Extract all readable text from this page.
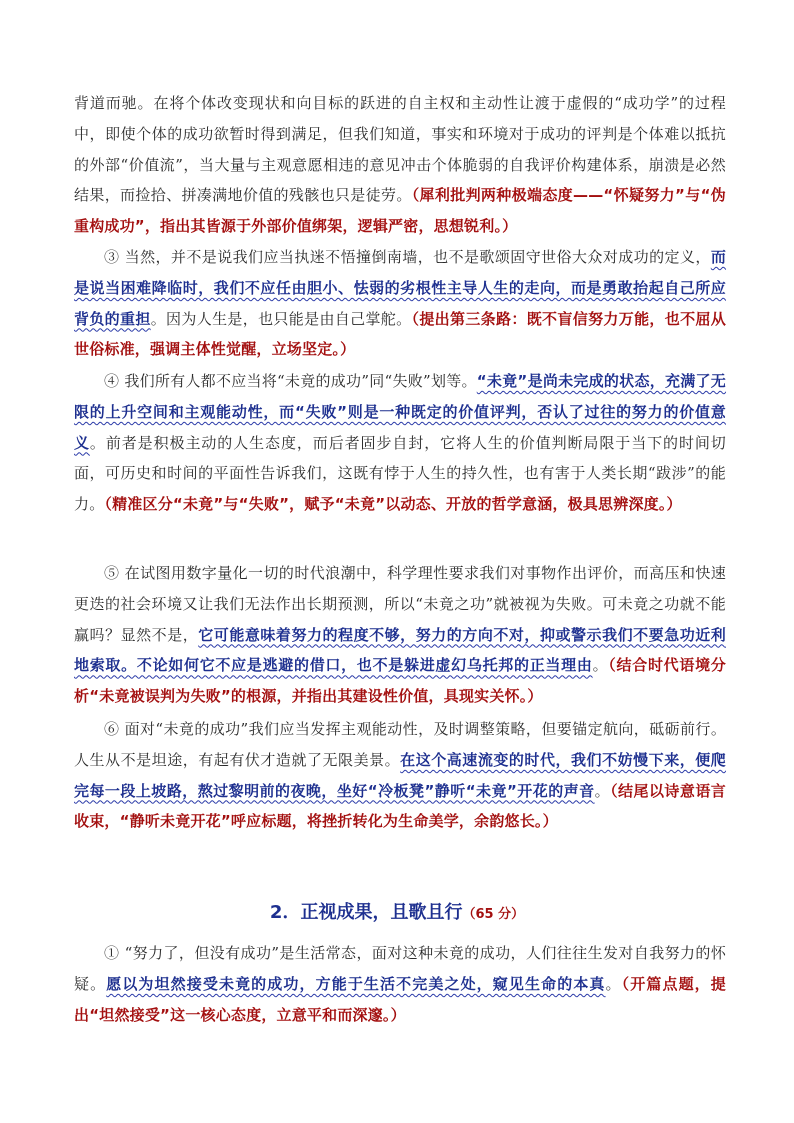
背道而驰。在将个体改变现状和向目标的跃进的自主权和主动性让渡于虚假的“成功学”的过程中，即使个体的成功欲暂时得到满足，但我们知道，事实和环境对于成功的评判是个体难以抵抗的外部“价值流”，当大量与主观意愿相违的意见冲击个体脆弱的自我评价构建体系，崩溃是必然结果，而捡拾、拼凑满地价值的残骸也只是徒劳。（犀利批判两种极端态度——“怀疑努力”与“伪重构成功”，指出其皆源于外部价值绑架，逻辑严密，思想锐利。）

③ 当然，并不是说我们应当执迷不悟撞倒南墙，也不是歌颂固守世俗大众对成功的定义，而是说当困难降临时，我们不应任由胆小、怯弱的劣根性主导人生的走向，而是勇敢抬起自己所应背负的重担。因为人生是，也只能是由自己掌舵。（提出第三条路：既不盲信努力万能，也不屈从世俗标准，强调主体性觉醒，立场坚定。）

④ 我们所有人都不应当将“未竟的成功”同“失败”划等。“未竟”是尚未完成的状态，充满了无限的上升空间和主观能动性，而“失败”则是一种既定的价值评判，否认了过往的努力的价值意义。前者是积极主动的人生态度，而后者固步自封，它将人生的价值判断局限于当下的时间切面，可历史和时间的平面性告诉我们，这既有悖于人生的持久性，也有害于人类长期“跋涉”的能力。（精准区分“未竟”与“失败”，赋予“未竟”以动态、开放的哲学意涵，极具思辨深度。）

⑤ 在试图用数字量化一切的时代浪潮中，科学理性要求我们对事物作出评价，而高压和快速更迭的社会环境又让我们无法作出长期预测，所以“未竟之功”就被视为失败。可未竟之功就不能赢吗？显然不是，它可能意味着努力的程度不够，努力的方向不对，抑或警示我们不要急功近利地索取。不论如何它不应是逃避的借口，也不是躲进虚幻乌托邦的正当理由。（结合时代语境分析“未竟被误判为失败”的根源，并指出其建设性价值，具现实关怀。）

⑥ 面对“未竟的成功”我们应当发挥主观能动性，及时调整策略，但要锚定航向，砥砺前行。人生从不是坦途，有起有伏才造就了无限美景。在这个高速流变的时代，我们不妨慢下来，便爬完每一段上坡路，熬过黎明前的夜晚，坐好“冷板凳”静听“未竟”开花的声音。（结尾以诗意语言收束，“静听未竟开花”呼应标题，将挫折转化为生命美学，余韵悠长。）

2．正视成果，且歌且行（65 分）

① “努力了，但没有成功”是生活常态，面对这种未竟的成功，人们往往生发对自我努力的怀疑。愿以为坦然接受未竟的成功，方能于生活不完美之处，窥见生命的本真。（开篇点题，提出“坦然接受”这一核心态度，立意平和而深邃。）
